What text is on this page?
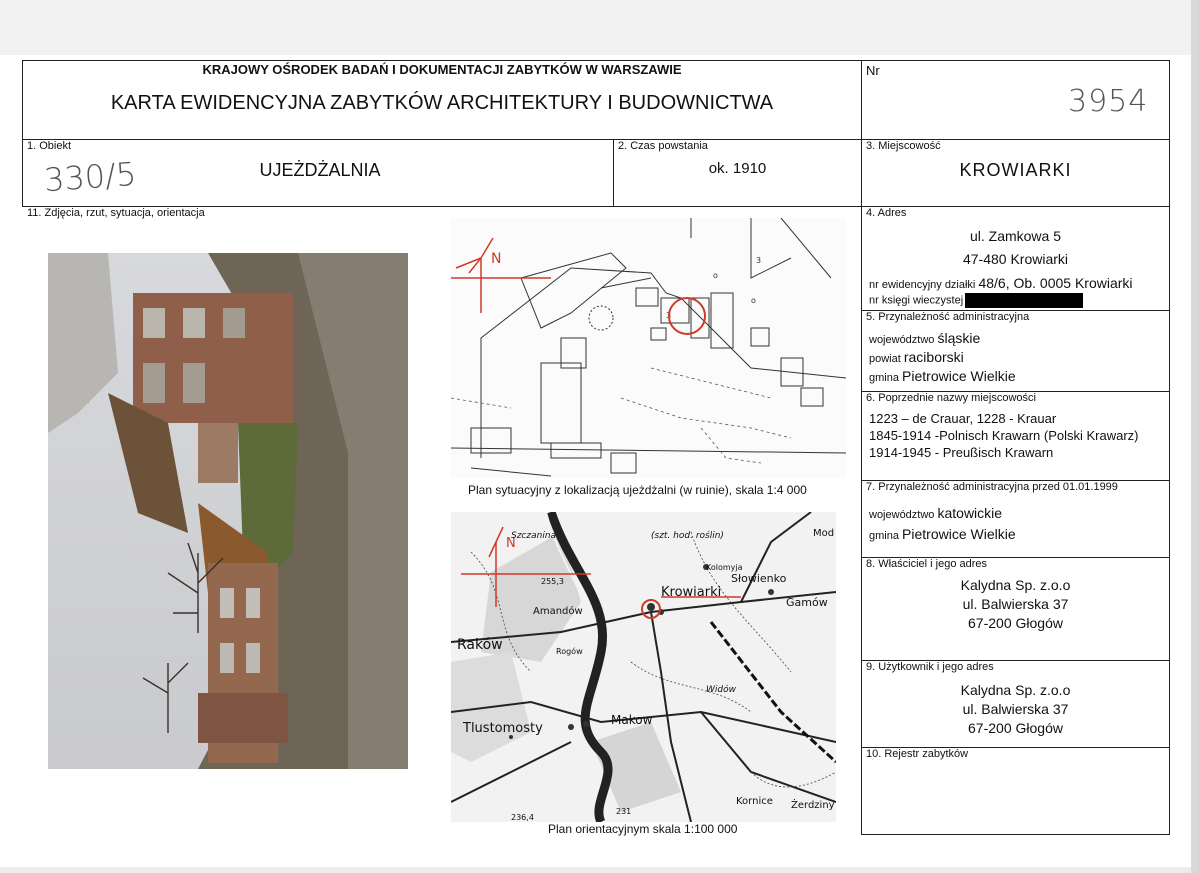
KRAJOWY OŚRODEK BADAŃ I DOKUMENTACJI ZABYTKÓW W WARSZAWIE
KARTA EWIDENCYJNA ZABYTKÓW ARCHITEKTURY I BUDOWNICTWA
Nr
3954
1. Obiekt
330/5	UJEŻDŻALNIA
2. Czas powstania
ok. 1910
3. Miejscowość
KROWIARKI
11. Zdjęcia, rzut, sytuacja, orientacja
o
o
3
3
N
Plan sytuacyjny z lokalizacją ujeżdżalni (w ruinie), skala 1:4 000
N
Szczanina	(szt. hod. roślin)	Mod
Kolomyja
Słowienko
Krowiarki
Amandów
Gamów
Raków	Rogów
Widów
Makow
Tlustomosty
Kornice Żerdziny
255,3
231
236,4
Plan orientacyjnym skala 1:100 000
4. Adres
ul. Zamkowa 5
47-480 Krowiarki
nr ewidencyjny działki 48/6, Ob. 0005 Krowiarki
nr księgi wieczystej
5. Przynależność administracyjna
województwo śląskie
powiat raciborski
gmina Pietrowice Wielkie
6. Poprzednie nazwy miejscowości
1223 – de Crauar, 1228 - Krauar
1845-1914 -Polnisch Krawarn (Polski Krawarz)
1914-1945 - Preußisch Krawarn
7. Przynależność administracyjna przed 01.01.1999
województwo katowickie
gmina Pietrowice Wielkie
8. Właściciel i jego adres
Kalydna Sp. z.o.o
ul. Balwierska 37
67-200 Głogów
9. Użytkownik i jego adres
Kalydna Sp. z.o.o
ul. Balwierska 37
67-200 Głogów
10. Rejestr zabytków
